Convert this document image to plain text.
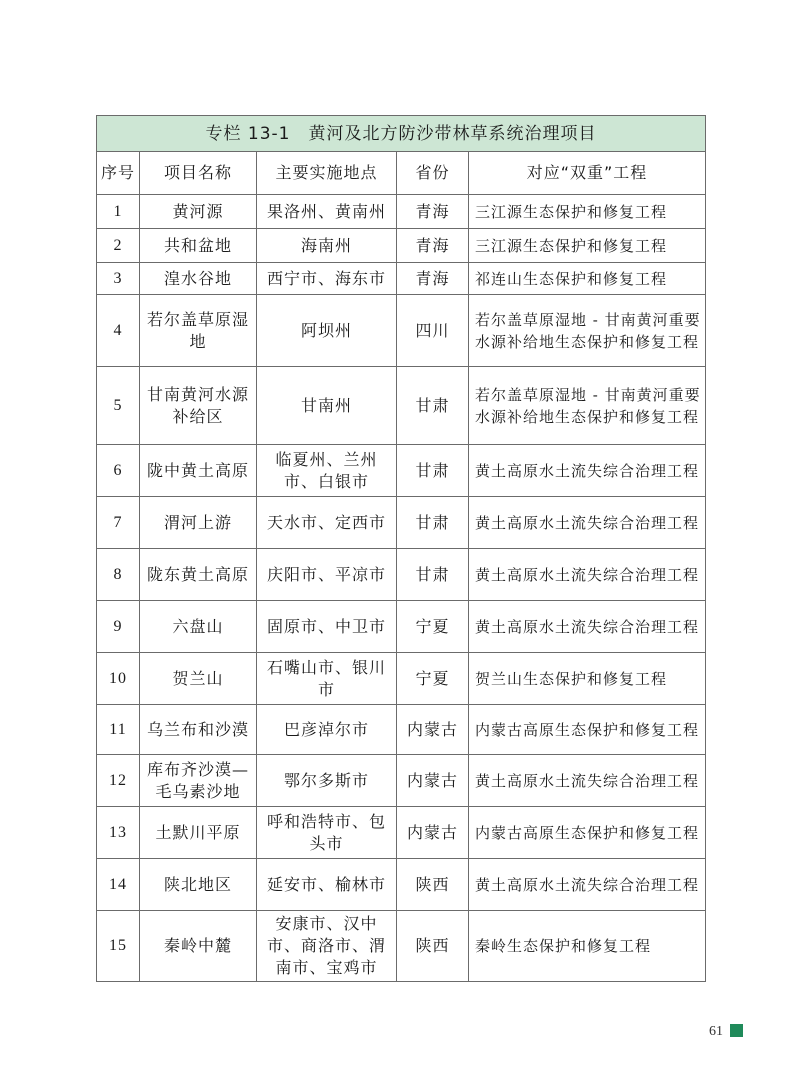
专栏 13-1　黄河及北方防沙带林草系统治理项目				
序号	项目名称	主要实施地点	省份	对应“双重”工程
1	黄河源	果洛州、黄南州	青海	三江源生态保护和修复工程
2	共和盆地	海南州	青海	三江源生态保护和修复工程
3	湟水谷地	西宁市、海东市	青海	祁连山生态保护和修复工程
4	若尔盖草原湿地	阿坝州	四川	若尔盖草原湿地 - 甘南黄河重要水源补给地生态保护和修复工程
5	甘南黄河水源补给区	甘南州	甘肃	若尔盖草原湿地 - 甘南黄河重要水源补给地生态保护和修复工程
6	陇中黄土高原	临夏州、兰州市、白银市	甘肃	黄土高原水土流失综合治理工程
7	渭河上游	天水市、定西市	甘肃	黄土高原水土流失综合治理工程
8	陇东黄土高原	庆阳市、平凉市	甘肃	黄土高原水土流失综合治理工程
9	六盘山	固原市、中卫市	宁夏	黄土高原水土流失综合治理工程
10	贺兰山	石嘴山市、银川市	宁夏	贺兰山生态保护和修复工程
11	乌兰布和沙漠	巴彦淖尔市	内蒙古	内蒙古高原生态保护和修复工程
12	库布齐沙漠—毛乌素沙地	鄂尔多斯市	内蒙古	黄土高原水土流失综合治理工程
13	土默川平原	呼和浩特市、包头市	内蒙古	内蒙古高原生态保护和修复工程
14	陕北地区	延安市、榆林市	陕西	黄土高原水土流失综合治理工程
15	秦岭中麓	安康市、汉中市、商洛市、渭南市、宝鸡市	陕西	秦岭生态保护和修复工程
61
